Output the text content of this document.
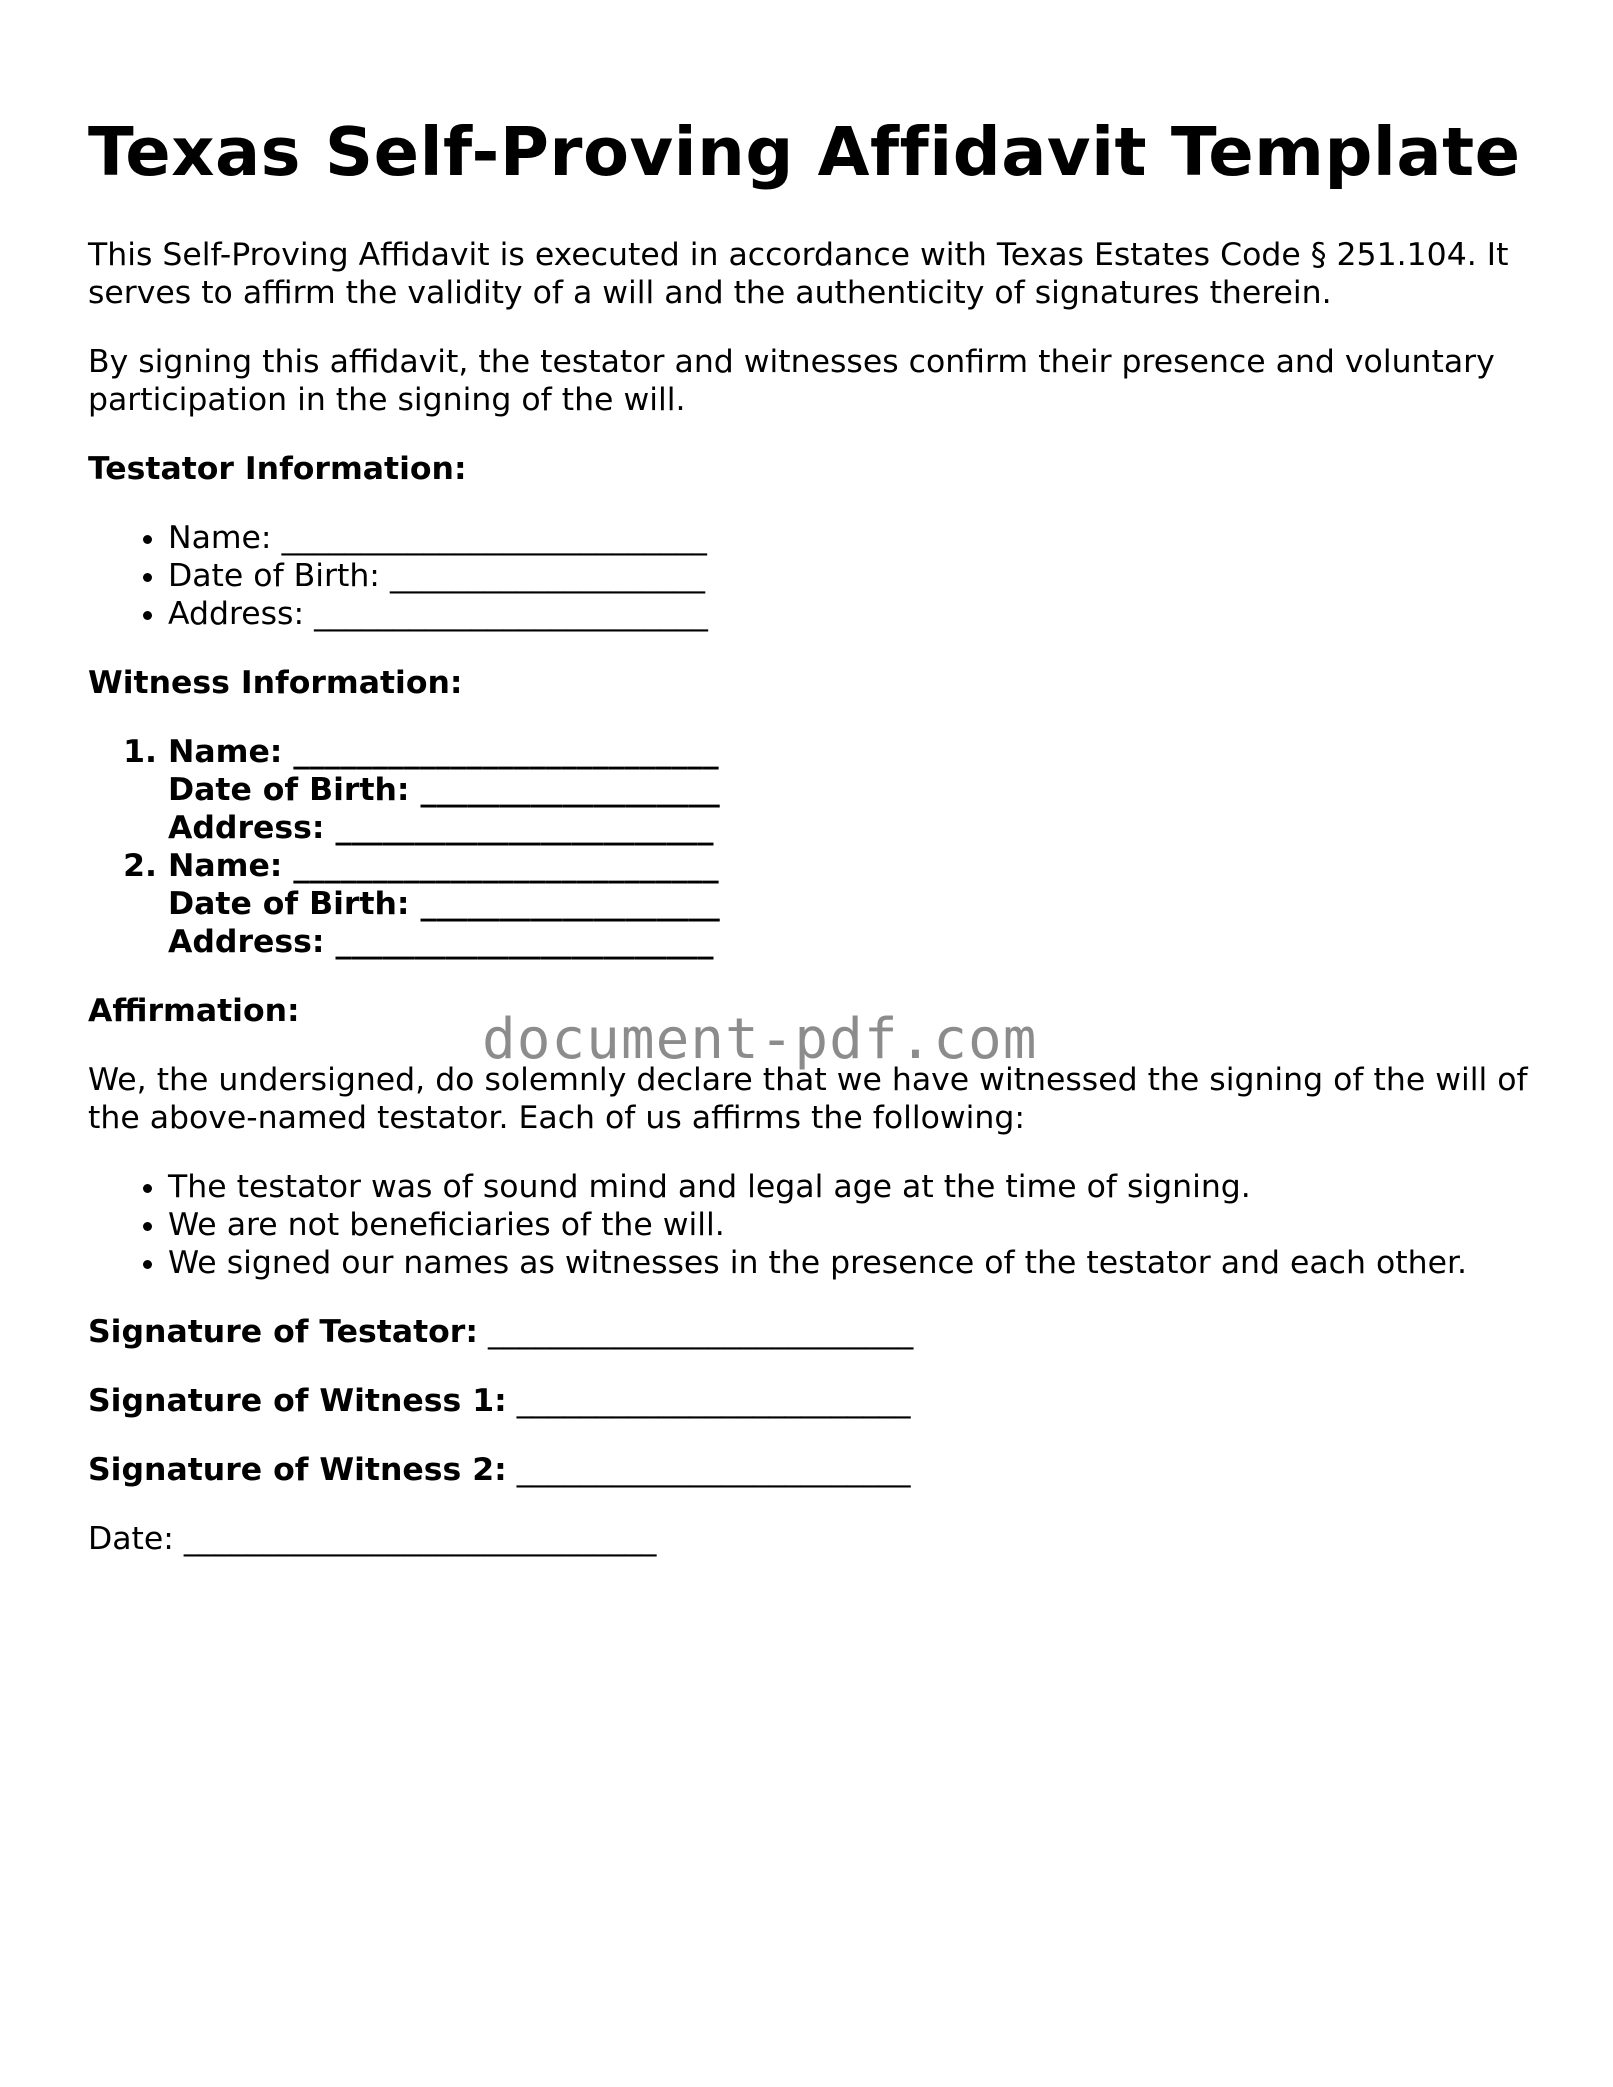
Texas Self-Proving Affidavit Template

This Self-Proving Affidavit is executed in accordance with Texas Estates Code § 251.104. It serves to affirm the validity of a will and the authenticity of signatures therein.

By signing this affidavit, the testator and witnesses confirm their presence and voluntary participation in the signing of the will.

Testator Information:
• Name: ___________________________
• Date of Birth: ____________________
• Address: _________________________
Witness Information:
1. Name: ___________________________
Date of Birth: ___________________
Address: ________________________
2. Name: ___________________________
Date of Birth: ___________________
Address: ________________________
Affirmation:

We, the undersigned, do solemnly declare that we have witnessed the signing of the will of the above-named testator. Each of us affirms the following:

• The testator was of sound mind and legal age at the time of signing.
• We are not beneficiaries of the will.
• We signed our names as witnesses in the presence of the testator and each other.
Signature of Testator: ___________________________
Signature of Witness 1: _________________________
Signature of Witness 2: _________________________
Date: ______________________________
document-pdf.com
